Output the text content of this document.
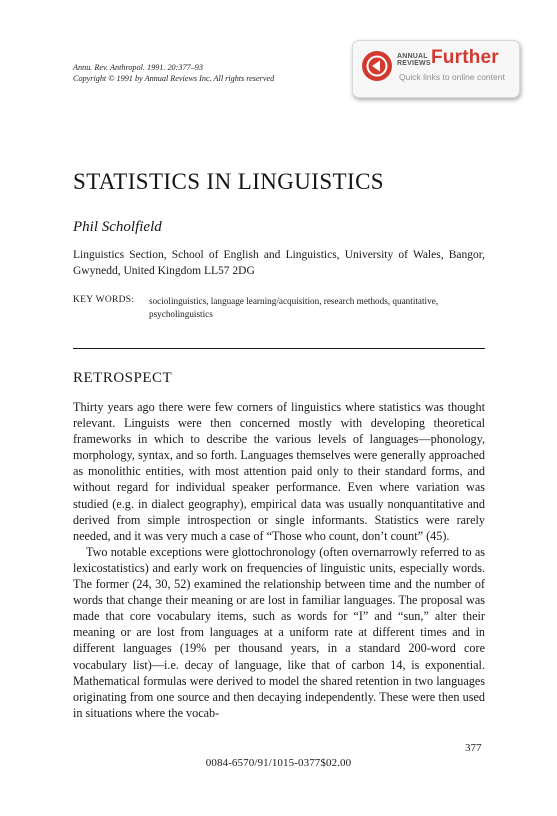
Annu. Rev. Anthropol. 1991. 20:377–93
Copyright © 1991 by Annual Reviews Inc. All rights reserved
ANNUAL
REVIEWS Further
Quick links to online content
STATISTICS IN LINGUISTICS
Phil Scholfield
Linguistics Section, School of English and Linguistics, University of Wales, Bangor, Gwynedd, United Kingdom LL57 2DG
KEY WORDS: sociolinguistics, language learning/acquisition, research methods, quantitative, psycholinguistics
RETROSPECT

Thirty years ago there were few corners of linguistics where statistics was thought relevant. Linguists were then concerned mostly with developing theoretical frameworks in which to describe the various levels of languages—phonology, morphology, syntax, and so forth. Languages themselves were generally approached as monolithic entities, with most attention paid only to their standard forms, and without regard for individual speaker performance. Even where variation was studied (e.g. in dialect geography), empirical data was usually nonquantitative and derived from simple introspection or single informants. Statistics were rarely needed, and it was very much a case of “Those who count, don’t count” (45).

Two notable exceptions were glottochronology (often overnarrowly referred to as lexicostatistics) and early work on frequencies of linguistic units, especially words. The former (24, 30, 52) examined the relationship between time and the number of words that change their meaning or are lost in familiar languages. The proposal was made that core vocabulary items, such as words for “I” and “sun,” alter their meaning or are lost from languages at a uniform rate at different times and in different languages (19% per thousand years, in a standard 200-word core vocabulary list)—i.e. decay of language, like that of carbon 14, is exponential. Mathematical formulas were derived to model the shared retention in two languages originating from one source and then decaying independently. These were then used in situations where the vocab-

377
0084-6570/91/1015-0377$02.00
